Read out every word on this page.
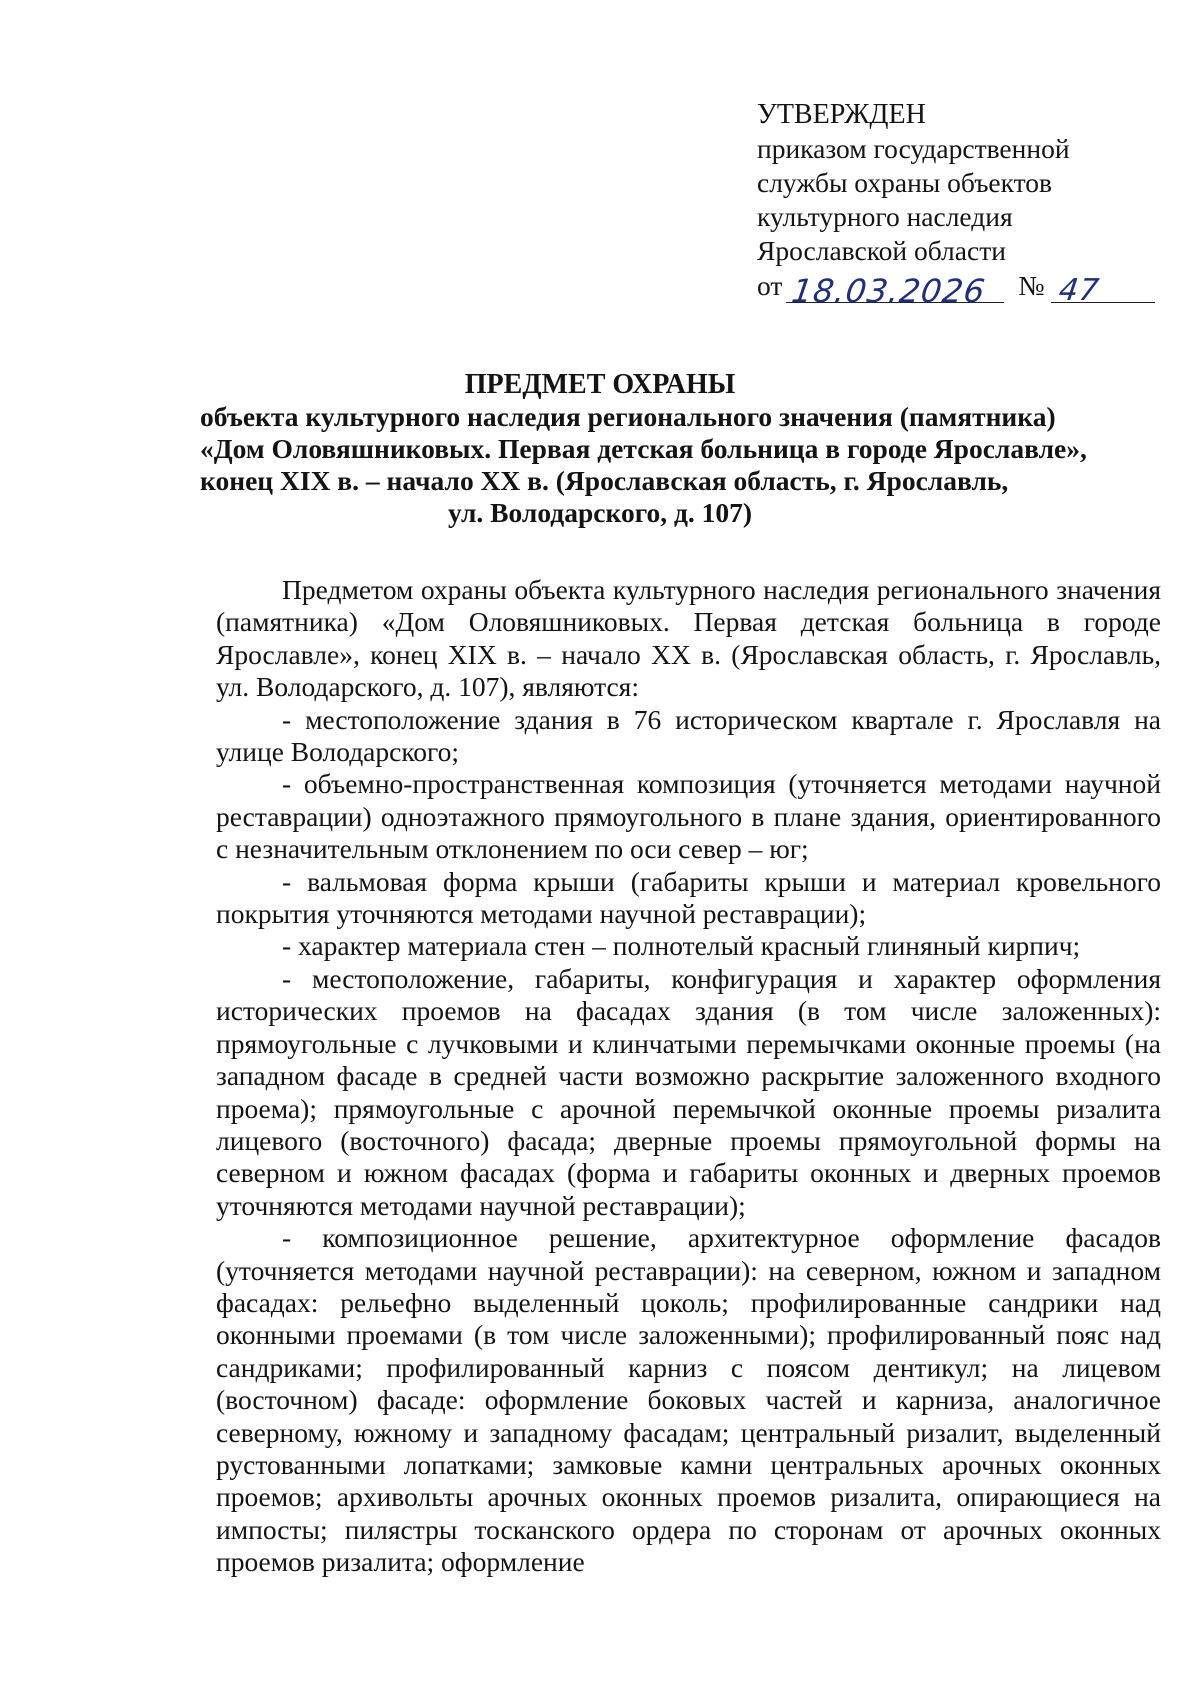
УТВЕРЖДЕН
приказом государственной
службы охраны объектов
культурного наследия
Ярославской области
от 18.03.2026 № 47
ПРЕДМЕТ ОХРАНЫ
объекта культурного наследия регионального значения (памятника)
«Дом Оловяшниковых. Первая детская больница в городе Ярославле»,
конец XIX в. – начало XX в. (Ярославская область, г. Ярославль,
ул. Володарского, д. 107)

Предметом охраны объекта культурного наследия регионального значения (памятника) «Дом Оловяшниковых. Первая детская больница в городе Ярославле», конец XIX в. – начало XX в. (Ярославская область, г. Ярославль, ул. Володарского, д. 107), являются:

- местоположение здания в 76 историческом квартале г. Ярославля на улице Володарского;

- объемно-пространственная композиция (уточняется методами научной реставрации) одноэтажного прямоугольного в плане здания, ориентированного с незначительным отклонением по оси север – юг;

- вальмовая форма крыши (габариты крыши и материал кровельного покрытия уточняются методами научной реставрации);

- характер материала стен – полнотелый красный глиняный кирпич;

- местоположение, габариты, конфигурация и характер оформления исторических проемов на фасадах здания (в том числе заложенных): прямоугольные с лучковыми и клинчатыми перемычками оконные проемы (на западном фасаде в средней части возможно раскрытие заложенного входного проема); прямоугольные с арочной перемычкой оконные проемы ризалита лицевого (восточного) фасада; дверные проемы прямоугольной формы на северном и южном фасадах (форма и габариты оконных и дверных проемов уточняются методами научной реставрации);

- композиционное решение, архитектурное оформление фасадов (уточняется методами научной реставрации): на северном, южном и западном фасадах: рельефно выделенный цоколь; профилированные сандрики над оконными проемами (в том числе заложенными); профилированный пояс над сандриками; профилированный карниз с поясом дентикул; на лицевом (восточном) фасаде: оформление боковых частей и карниза, аналогичное северному, южному и западному фасадам; центральный ризалит, выделенный рустованными лопатками; замковые камни центральных арочных оконных проемов; архивольты арочных оконных проемов ризалита, опирающиеся на импосты; пилястры тосканского ордера по сторонам от арочных оконных проемов ризалита; оформление
